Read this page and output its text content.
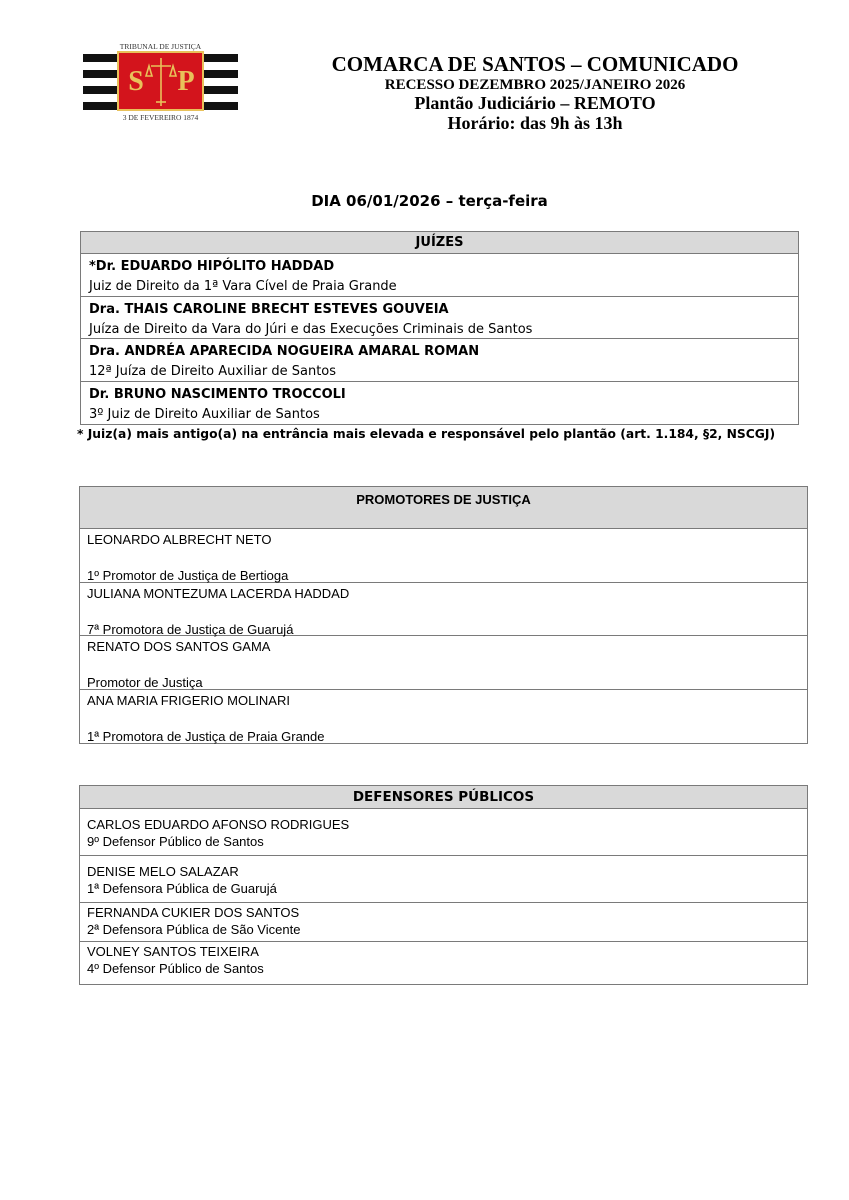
S P
TRIBUNAL DE JUSTIÇA
3 DE FEVEREIRO 1874
COMARCA DE SANTOS – COMUNICADO
RECESSO DEZEMBRO 2025/JANEIRO 2026
Plantão Judiciário – REMOTO
Horário: das 9h às 13h
DIA 06/01/2026 – terça-feira
JUÍZES
*Dr. EDUARDO HIPÓLITO HADDAD
Juiz de Direito da 1ª Vara Cível de Praia Grande
Dra. THAIS CAROLINE BRECHT ESTEVES GOUVEIA
Juíza de Direito da Vara do Júri e das Execuções Criminais de Santos
Dra. ANDRÉA APARECIDA NOGUEIRA AMARAL ROMAN
12ª Juíza de Direito Auxiliar de Santos
Dr. BRUNO NASCIMENTO TROCCOLI
3º Juiz de Direito Auxiliar de Santos
* Juiz(a) mais antigo(a) na entrância mais elevada e responsável pelo plantão (art. 1.184, §2, NSCGJ)
PROMOTORES DE JUSTIÇA
LEONARDO ALBRECHT NETO
1º Promotor de Justiça de Bertioga
JULIANA MONTEZUMA LACERDA HADDAD
7ª Promotora de Justiça de Guarujá
RENATO DOS SANTOS GAMA
Promotor de Justiça
ANA MARIA FRIGERIO MOLINARI
1ª Promotora de Justiça de Praia Grande
DEFENSORES PÚBLICOS
CARLOS EDUARDO AFONSO RODRIGUES
9º Defensor Público de Santos
DENISE MELO SALAZAR
1ª Defensora Pública de Guarujá
FERNANDA CUKIER DOS SANTOS
2ª Defensora Pública de São Vicente
VOLNEY SANTOS TEIXEIRA
4º Defensor Público de Santos
